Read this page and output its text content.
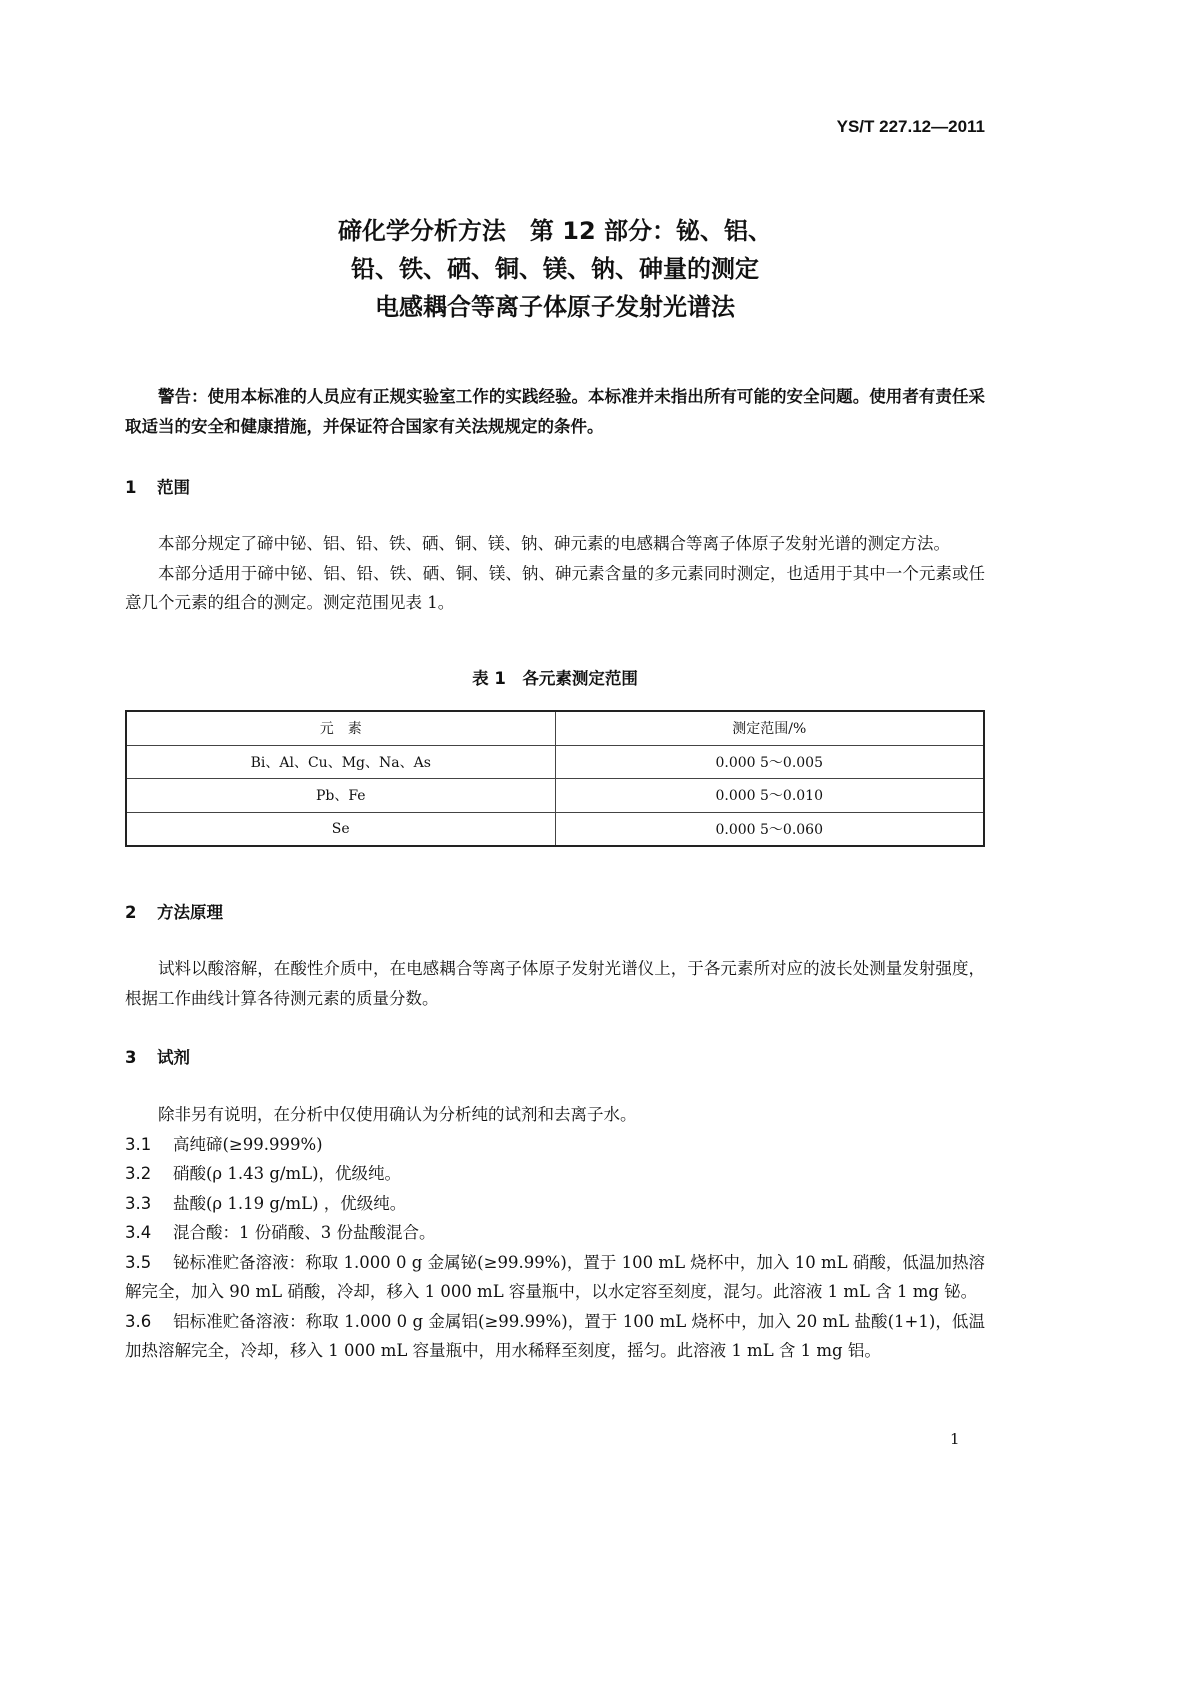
YS/T 227.12—2011
碲化学分析方法　第 12 部分：铋、铝、
铅、铁、硒、铜、镁、钠、砷量的测定
电感耦合等离子体原子发射光谱法
警告：使用本标准的人员应有正规实验室工作的实践经验。本标准并未指出所有可能的安全问题。使用者有责任采取适当的安全和健康措施，并保证符合国家有关法规规定的条件。
1 范围
本部分规定了碲中铋、铝、铅、铁、硒、铜、镁、钠、砷元素的电感耦合等离子体原子发射光谱的测定方法。
本部分适用于碲中铋、铝、铅、铁、硒、铜、镁、钠、砷元素含量的多元素同时测定，也适用于其中一个元素或任意几个元素的组合的测定。测定范围见表 1。
表 1　各元素测定范围
元　素	测定范围/%
Bi、Al、Cu、Mg、Na、As	0.000 5～0.005
Pb、Fe	0.000 5～0.010
Se	0.000 5～0.060
2 方法原理
试料以酸溶解，在酸性介质中，在电感耦合等离子体原子发射光谱仪上，于各元素所对应的波长处测量发射强度，根据工作曲线计算各待测元素的质量分数。
3 试剂
除非另有说明，在分析中仅使用确认为分析纯的试剂和去离子水。
3.1 高纯碲(≥99.999%)
3.2 硝酸(ρ 1.43 g/mL)，优级纯。
3.3 盐酸(ρ 1.19 g/mL) ，优级纯。
3.4 混合酸：1 份硝酸、3 份盐酸混合。
3.5 铋标准贮备溶液：称取 1.000 0 g 金属铋(≥99.99%)，置于 100 mL 烧杯中，加入 10 mL 硝酸，低温加热溶解完全，加入 90 mL 硝酸，冷却，移入 1 000 mL 容量瓶中，以水定容至刻度，混匀。此溶液 1 mL 含 1 mg 铋。
3.6 铝标准贮备溶液：称取 1.000 0 g 金属铝(≥99.99%)，置于 100 mL 烧杯中，加入 20 mL 盐酸(1+1)，低温加热溶解完全，冷却，移入 1 000 mL 容量瓶中，用水稀释至刻度，摇匀。此溶液 1 mL 含 1 mg 铝。
1
